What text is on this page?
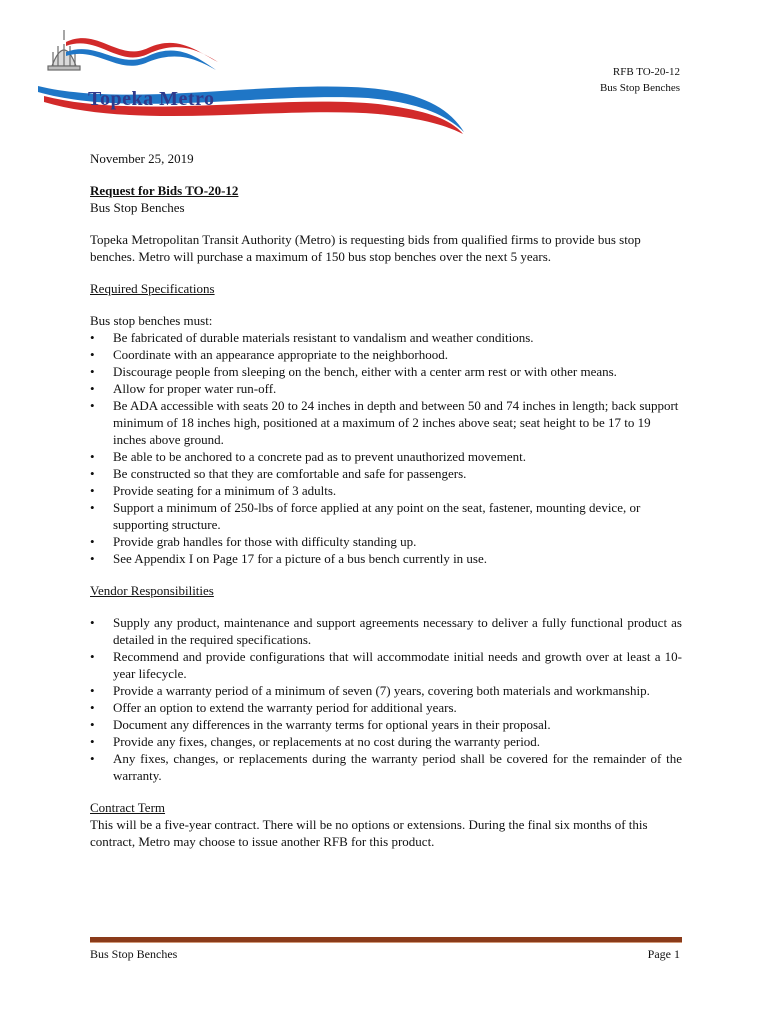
Topeka Metro
RFB TO-20-12
Bus Stop Benches

November 25, 2019

Request for Bids TO-20-12

Bus Stop Benches

Topeka Metropolitan Transit Authority (Metro) is requesting bids from qualified firms to provide bus stop benches. Metro will purchase a maximum of 150 bus stop benches over the next 5 years.

Required Specifications

Bus stop benches must:

• Be fabricated of durable materials resistant to vandalism and weather conditions.
• Coordinate with an appearance appropriate to the neighborhood.
• Discourage people from sleeping on the bench, either with a center arm rest or with other means.
• Allow for proper water run-off.
• Be ADA accessible with seats 20 to 24 inches in depth and between 50 and 74 inches in length; back support minimum of 18 inches high, positioned at a maximum of 2 inches above seat; seat height to be 17 to 19 inches above ground.
• Be able to be anchored to a concrete pad as to prevent unauthorized movement.
• Be constructed so that they are comfortable and safe for passengers.
• Provide seating for a minimum of 3 adults.
• Support a minimum of 250-lbs of force applied at any point on the seat, fastener, mounting device, or supporting structure.
• Provide grab handles for those with difficulty standing up.
• See Appendix I on Page 17 for a picture of a bus bench currently in use.

Vendor Responsibilities

• Supply any product, maintenance and support agreements necessary to deliver a fully functional product as detailed in the required specifications.
• Recommend and provide configurations that will accommodate initial needs and growth over at least a 10-year lifecycle.
• Provide a warranty period of a minimum of seven (7) years, covering both materials and workmanship.
• Offer an option to extend the warranty period for additional years.
• Document any differences in the warranty terms for optional years in their proposal.
• Provide any fixes, changes, or replacements at no cost during the warranty period.
• Any fixes, changes, or replacements during the warranty period shall be covered for the remainder of the warranty.

Contract Term

This will be a five-year contract. There will be no options or extensions. During the final six months of this contract, Metro may choose to issue another RFB for this product.

Bus Stop Benches	Page 1
